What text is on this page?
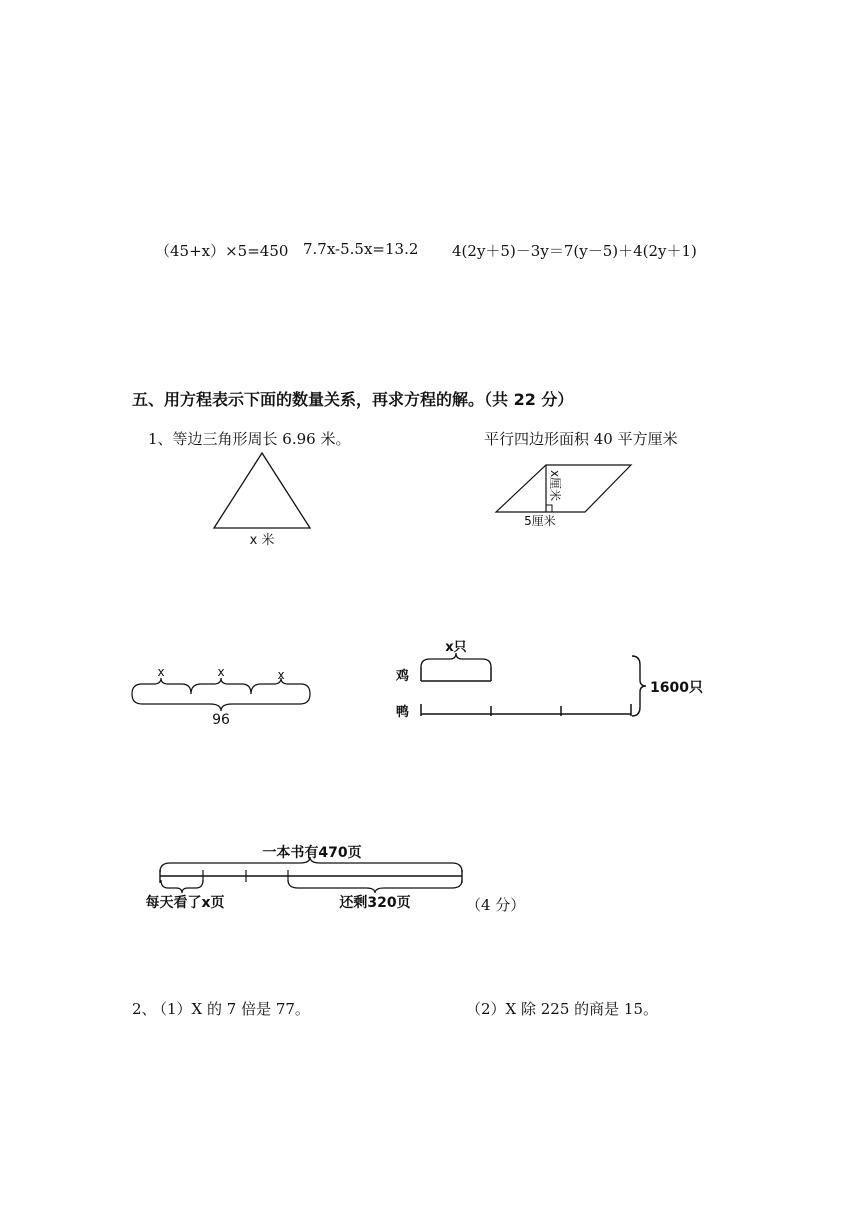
（45+x）×5=450 7.7x-5.5x=13.2 4(2y＋5)－3y＝7(y－5)＋4(2y＋1)
五、用方程表示下面的数量关系，再求方程的解。（共 22 分）
1、等边三角形周长 6.96 米。	平行四边形面积 40 平方厘米
x 米
x厘米
5厘米
x	x	x
96
鸡
鸭
x只
1600只
一本书有470页
每天看了x页	还剩320页	（4 分）
2、
（1）X 的 7 倍是 77。	（2）X 除 225 的商是 15。
